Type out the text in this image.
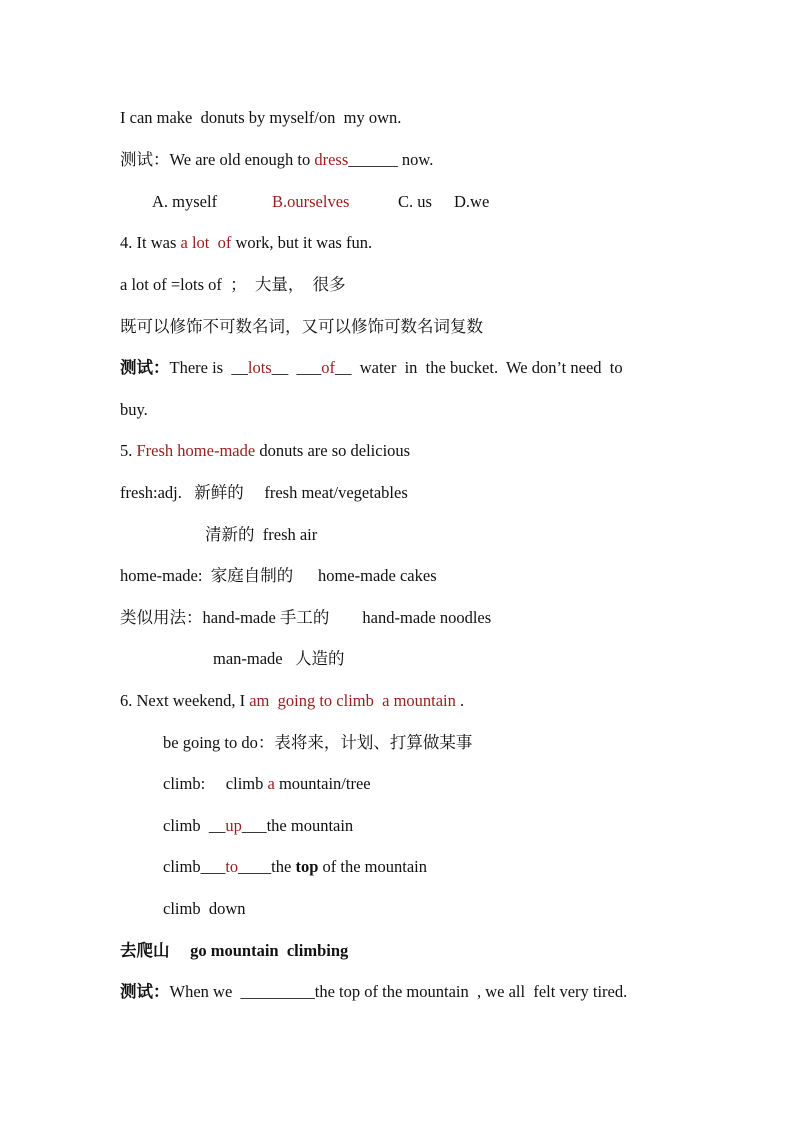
I can make  donuts by myself/on  my own.
测试：We are old enough to dress______ now.
A. myself	B.ourselves	C. us D.we
4. It was a lot  of work, but it was fun.
a lot of =lots of  ；  大量，  很多
既可以修饰不可数名词，又可以修饰可数名词复数
测试：There is  __lots__  ___of__  water  in  the bucket.  We don’t need  to
buy.
5. Fresh home-made donuts are so delicious
fresh:adj.   新鲜的     fresh meat/vegetables
清新的  fresh air
home-made:  家庭自制的      home-made cakes
类似用法：hand-made 手工的        hand-made noodles
man-made   人造的
6. Next weekend, I am  going to climb  a mountain .
be going to do：表将来，计划、打算做某事
climb:     climb a mountain/tree
climb  __up___the mountain
climb___to____the top of the mountain
climb  down
去爬山 go mountain  climbing
测试：When we  _________the top of the mountain  , we all  felt very tired.
